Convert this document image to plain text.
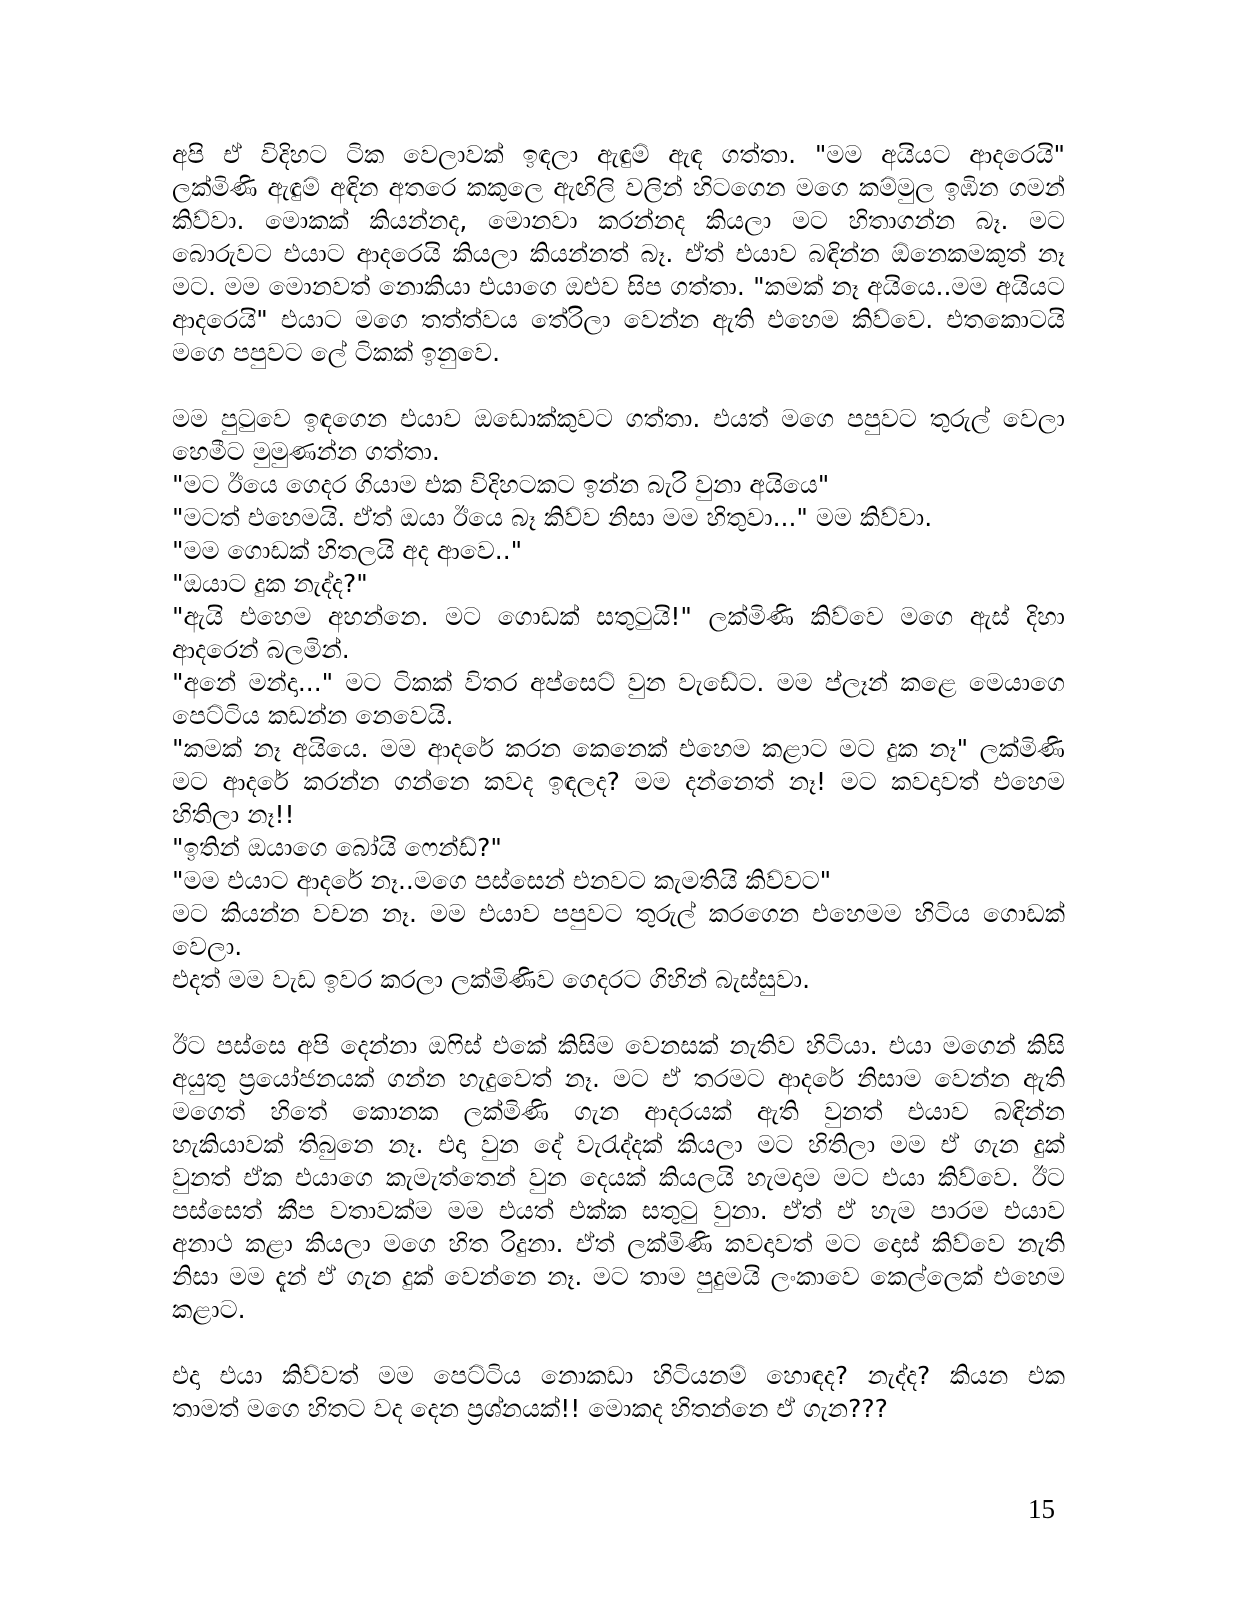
අපි ඒ විදිහට ටික වෙලාවක් ඉඳලා ඇඳුම් ඇඳ ගත්තා. "මම අයියට ආදරෙයි"
ලක්මිණි ඇඳුම් අඳින අතරෙ කකුලෙ ඇඟිලි වලින් හිටගෙන මගෙ කම්මුල ඉඹින ගමන්
කිව්වා. මොකක් කියන්නද, මොනවා කරන්නද කියලා මට හිතාගන්න බෑ. මට
බොරුවට එයාට ආදරෙයි කියලා කියන්නත් බෑ. ඒත් එයාව බඳින්න ඕනෙකමකුත් නෑ
මට. මම මොනවත් නොකියා එයාගෙ ඔළුව සිප ගත්තා. "කමක් නෑ අයියෙ..මම අයියට
ආදරෙයි" එයාට මගෙ තත්ත්වය තේරිලා වෙන්න ඇති එහෙම කිව්වෙ. එතකොටයි
මගෙ පපුවට ලේ ටිකක් ඉනුවෙ.
මම පුටුවෙ ඉඳගෙන එයාව ඔඩොක්කුවට ගත්තා. එයත් මගෙ පපුවට තුරුල් වෙලා
හෙමීට මුමුණන්න ගත්තා.
"මට ඊයෙ ගෙදර ගියාම එක විදිහටකට ඉන්න බැරි වුනා අයියෙ"
"මටත් එහෙමයි. ඒත් ඔයා ඊයෙ බෑ කිව්ව නිසා මම හිතුවා..." මම කිව්වා.
"මම ගොඩක් හිතලයි අද ආවෙ.."
"ඔයාට දුක නැද්ද?"
"ඇයි එහෙම අහන්නෙ. මට ගොඩක් සතුටුයි!" ලක්මිණි කිව්වෙ මගෙ ඇස් දිහා
ආදරෙන් බලමින්.
"අනේ මන්දා..." මට ටිකක් විතර අප්සෙට් වුන වැඩේට. මම ප්ලෑන් කළෙ මෙයාගෙ
පෙට්ටිය කඩන්න නෙවෙයි.
"කමක් නෑ අයියෙ. මම ආදරේ කරන කෙනෙක් එහෙම කළාට මට දුක නෑ" ලක්මිණි
මට ආදරේ කරන්න ගන්නෙ කවද ඉඳලද? මම දන්නෙත් නෑ! මට කවදාවත් එහෙම
හිතිලා නෑ!!
"ඉතින් ඔයාගෙ බෝයි ෆෙන්ඩ්?"
"මම එයාට ආදරේ නෑ..මගෙ පස්සෙන් එනවට කැමතියි කිව්වට"
මට කියන්න වචන නෑ. මම එයාව පපුවට තුරුල් කරගෙන එහෙමම හිටිය ගොඩක්
වෙලා.
එදත් මම වැඩ ඉවර කරලා ලක්මිණිව ගෙදරට ගිහින් බැස්සුවා.
ඊට පස්සෙ අපි දෙන්නා ඔෆිස් එකේ කිසිම වෙනසක් නැතිව හිටියා. එයා මගෙන් කිසි
අයුතු ප්‍රයෝජනයක් ගන්න හැදුවෙත් නෑ. මට ඒ තරමට ආදරේ නිසාම වෙන්න ඇති
මගෙත් හිතේ කොනක ලක්මිණි ගැන ආදරයක් ඇති වුනත් එයාව බඳින්න
හැකියාවක් තිබුනෙ නෑ. එදා වුන දේ වැරැද්දක් කියලා මට හිතිලා මම ඒ ගැන දුක්
වුනත් ඒක එයාගෙ කැමැත්තෙන් වුන දෙයක් කියලයි හැමදාම මට එයා කිව්වෙ. ඊට
පස්සෙත් කීප වතාවක්ම මම එයත් එක්ක සතුටු වුනා. ඒත් ඒ හැම පාරම එයාව
අනාථ කළා කියලා මගෙ හිත රිදුනා. ඒත් ලක්මිණි කවදාවත් මට දොස් කිව්වෙ නැති
නිසා මම දැන් ඒ ගැන දුක් වෙන්නෙ නෑ. මට තාම පුදුමයි ලංකාවෙ කෙල්ලෙක් එහෙම
කළාට.
එදා එයා කිව්වත් මම පෙට්ටිය නොකඩා හිටියනම් හොඳද? නැද්ද? කියන එක
තාමත් මගෙ හිතට වද දෙන ප්‍රශ්නයක්!! මොකද හිතන්නෙ ඒ ගැන???
15
